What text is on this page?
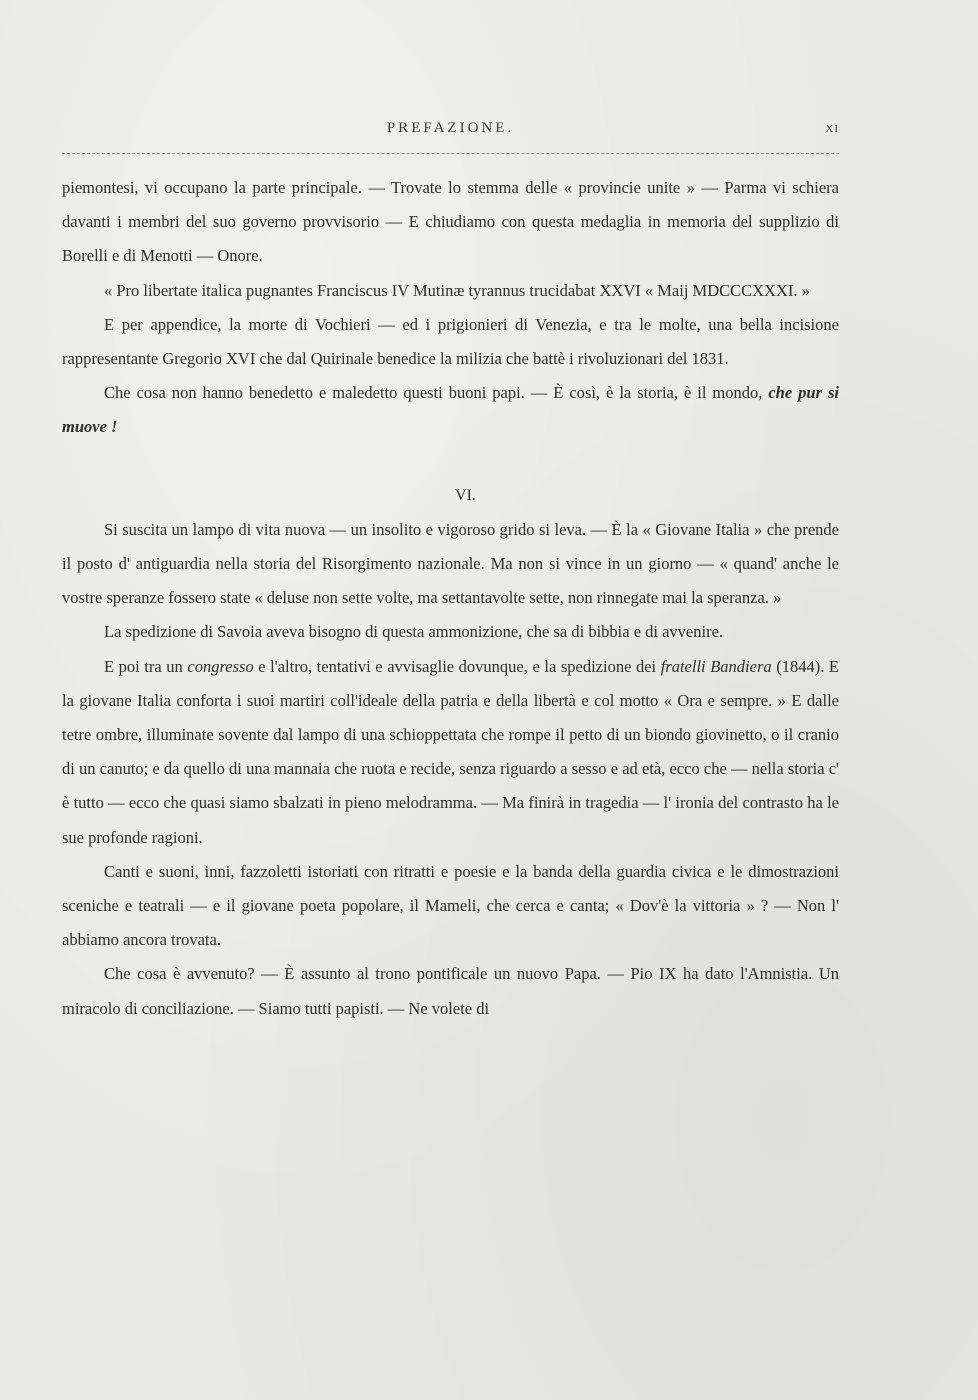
PREFAZIONE.	XI

piemontesi, vi occupano la parte principale. — Trovate lo stemma delle « provincie unite » — Parma vi schiera davanti i membri del suo governo provvisorio — E chiudiamo con questa medaglia in memoria del supplizio di Borelli e di Menotti — Onore.

« Pro libertate italica pugnantes Franciscus IV Mutinæ tyrannus trucidabat XXVI « Maij MDCCCXXXI. »

E per appendice, la morte di Vochieri — ed i prigionieri di Venezia, e tra le molte, una bella incisione rappresentante Gregorio XVI che dal Quirinale benedice la milizia che battè i rivoluzionari del 1831.

Che cosa non hanno benedetto e maledetto questi buoni papi. — È così, è la storia, è il mondo, che pur si muove !

VI.

Si suscita un lampo di vita nuova — un insolito e vigoroso grido si leva. — È la « Giovane Italia » che prende il posto d' antiguardia nella storia del Risorgimento nazionale. Ma non si vince in un giorno — « quand' anche le vostre speranze fossero state « deluse non sette volte, ma settantavolte sette, non rinnegate mai la speranza. »

La spedizione di Savoia aveva bisogno di questa ammonizione, che sa di bibbia e di avvenire.

E poi tra un congresso e l'altro, tentativi e avvisaglie dovunque, e la spedizione dei fratelli Bandiera (1844). E la giovane Italia conforta i suoi martiri coll'ideale della patria e della libertà e col motto « Ora e sempre. » E dalle tetre ombre, illuminate sovente dal lampo di una schioppettata che rompe il petto di un biondo giovinetto, o il cranio di un canuto; e da quello di una mannaia che ruota e recide, senza riguardo a sesso e ad età, ecco che — nella storia c' è tutto — ecco che quasi siamo sbalzati in pieno melodramma. — Ma finirà in tragedia — l' ironia del contrasto ha le sue profonde ragioni.

Canti e suoni, inni, fazzoletti istoriati con ritratti e poesie e la banda della guardia civica e le dimostrazioni sceniche e teatrali — e il giovane poeta popolare, il Mameli, che cerca e canta; « Dov'è la vittoria » ? — Non l' abbiamo ancora trovata.

Che cosa è avvenuto? — È assunto al trono pontificale un nuovo Papa. — Pio IX ha dato l'Amnistia. Un miracolo di conciliazione. — Siamo tutti papisti. — Ne volete di
